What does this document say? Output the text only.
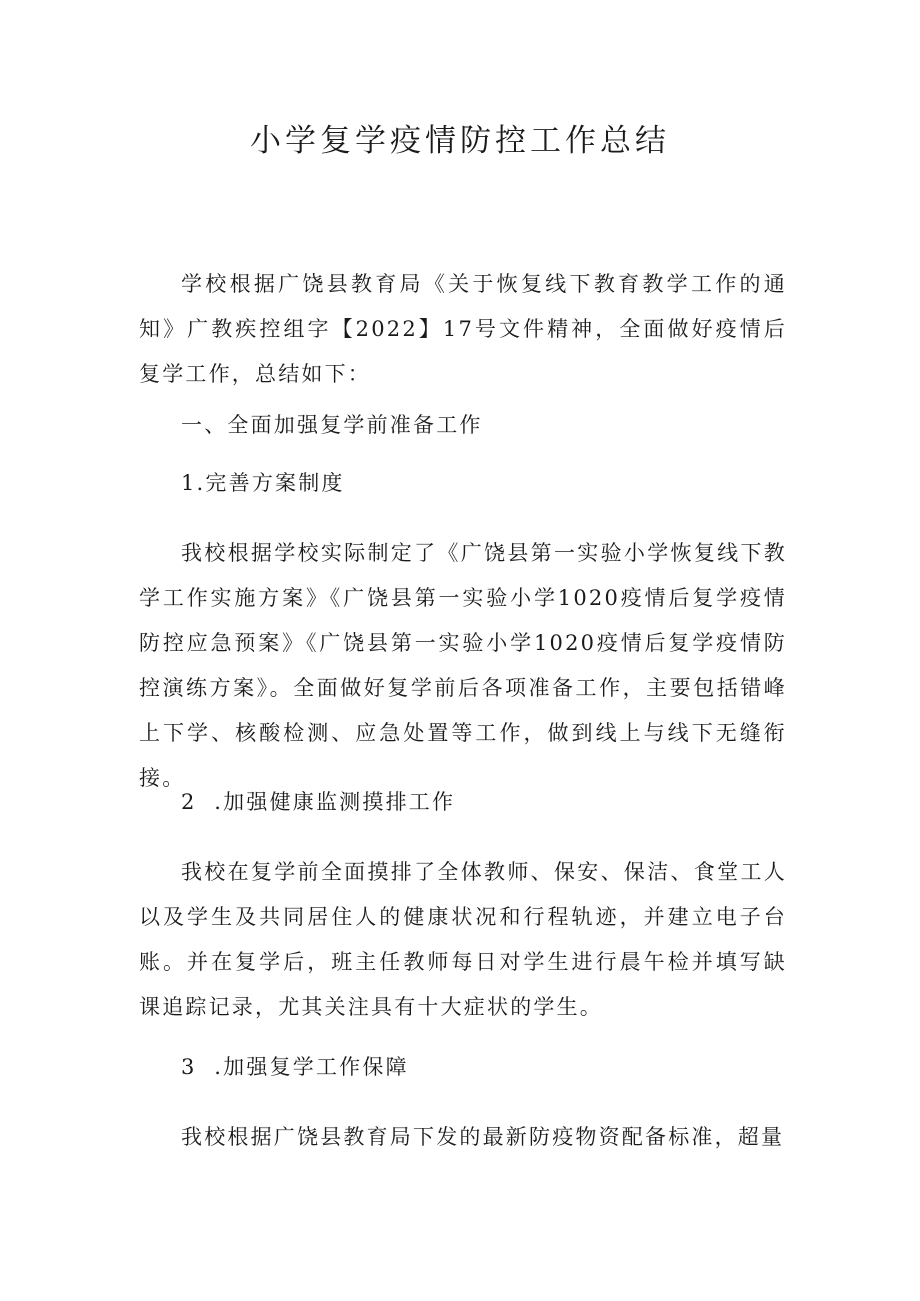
小学复学疫情防控工作总结

学校根据广饶县教育局《关于恢复线下教育教学工作的通知》广教疾控组字【2022】17号文件精神，全面做好疫情后复学工作，总结如下：

一、全面加强复学前准备工作

1.完善方案制度

我校根据学校实际制定了《广饶县第一实验小学恢复线下教学工作实施方案》《广饶县第一实验小学1020疫情后复学疫情防控应急预案》《广饶县第一实验小学1020疫情后复学疫情防控演练方案》。全面做好复学前后各项准备工作，主要包括错峰上下学、核酸检测、应急处置等工作，做到线上与线下无缝衔接。

2  .加强健康监测摸排工作

我校在复学前全面摸排了全体教师、保安、保洁、食堂工人以及学生及共同居住人的健康状况和行程轨迹，并建立电子台账。并在复学后，班主任教师每日对学生进行晨午检并填写缺课追踪记录，尤其关注具有十大症状的学生。

3  .加强复学工作保障

我校根据广饶县教育局下发的最新防疫物资配备标准，超量
